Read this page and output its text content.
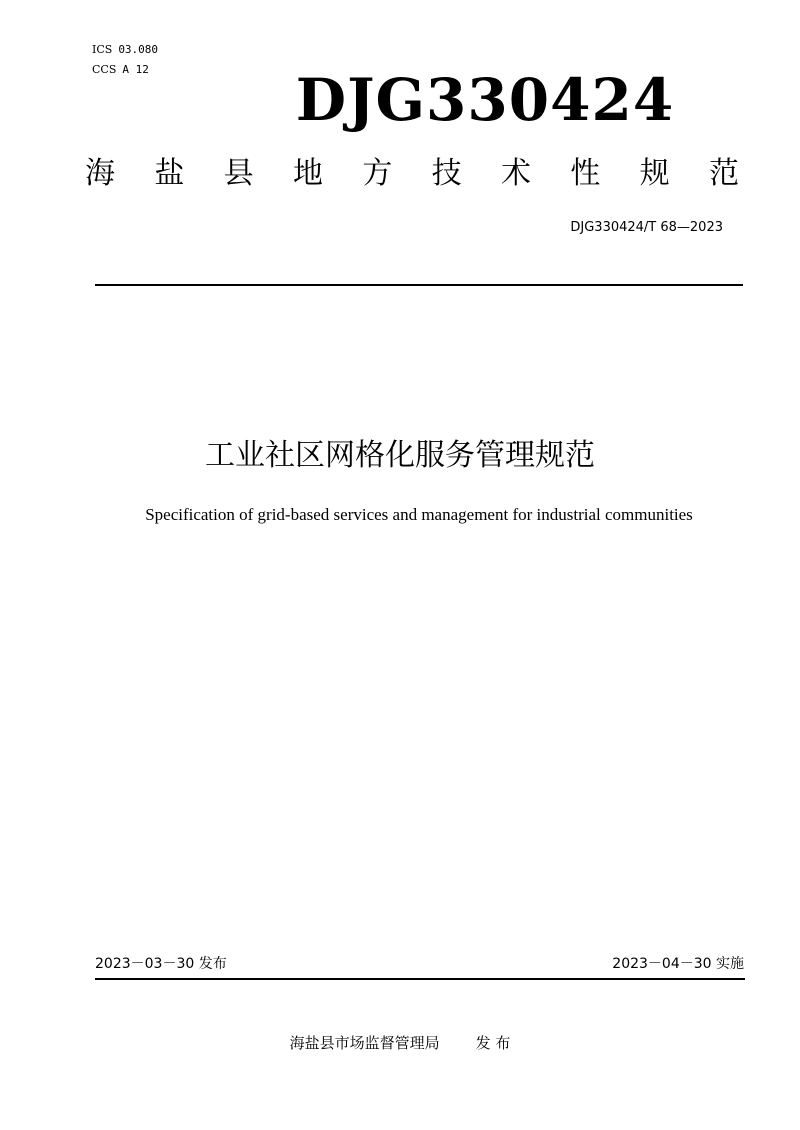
ICS 03.080
CCS A 12	DJG330424
海 盐 县 地 方 技 术 性 规 范
DJG330424/T 68—2023
工业社区网格化服务管理规范
Specification of grid-based services and management for industrial communities
2023－03－30 发布	2023－04－30 实施
海盐县市场监督管理局 发 布
